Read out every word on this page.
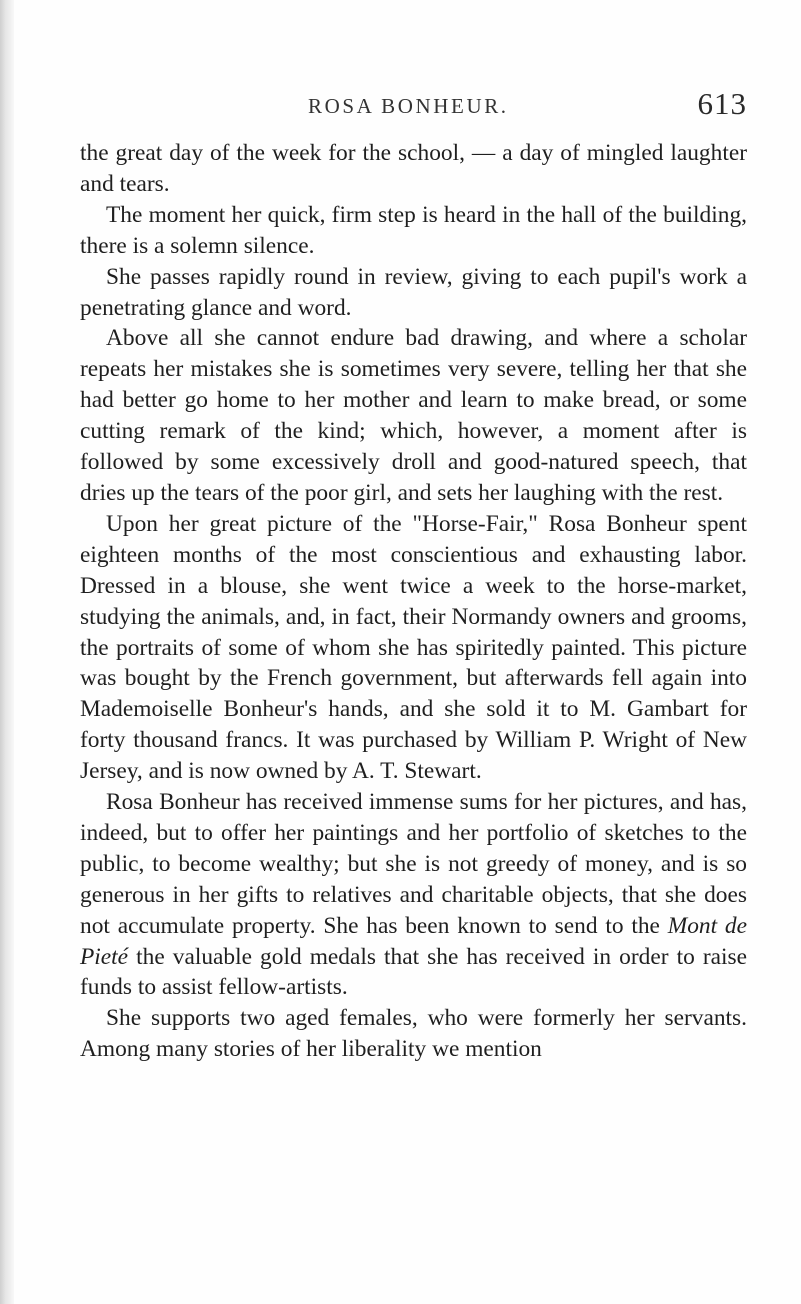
ROSA BONHEUR.	613

the great day of the week for the school, — a day of mingled laughter and tears.

The moment her quick, firm step is heard in the hall of the building, there is a solemn silence.

She passes rapidly round in review, giving to each pupil's work a penetrating glance and word.

Above all she cannot endure bad drawing, and where a scholar repeats her mistakes she is sometimes very severe, telling her that she had better go home to her mother and learn to make bread, or some cutting remark of the kind; which, however, a moment after is followed by some excessively droll and good-natured speech, that dries up the tears of the poor girl, and sets her laughing with the rest.

Upon her great picture of the "Horse-Fair," Rosa Bonheur spent eighteen months of the most conscientious and exhausting labor. Dressed in a blouse, she went twice a week to the horse-market, studying the animals, and, in fact, their Normandy owners and grooms, the portraits of some of whom she has spiritedly painted. This picture was bought by the French government, but afterwards fell again into Mademoiselle Bonheur's hands, and she sold it to M. Gambart for forty thousand francs. It was purchased by William P. Wright of New Jersey, and is now owned by A. T. Stewart.

Rosa Bonheur has received immense sums for her pictures, and has, indeed, but to offer her paintings and her portfolio of sketches to the public, to become wealthy; but she is not greedy of money, and is so generous in her gifts to relatives and charitable objects, that she does not accumulate property. She has been known to send to the Mont de Pieté the valuable gold medals that she has received in order to raise funds to assist fellow-artists.

She supports two aged females, who were formerly her servants. Among many stories of her liberality we mention
